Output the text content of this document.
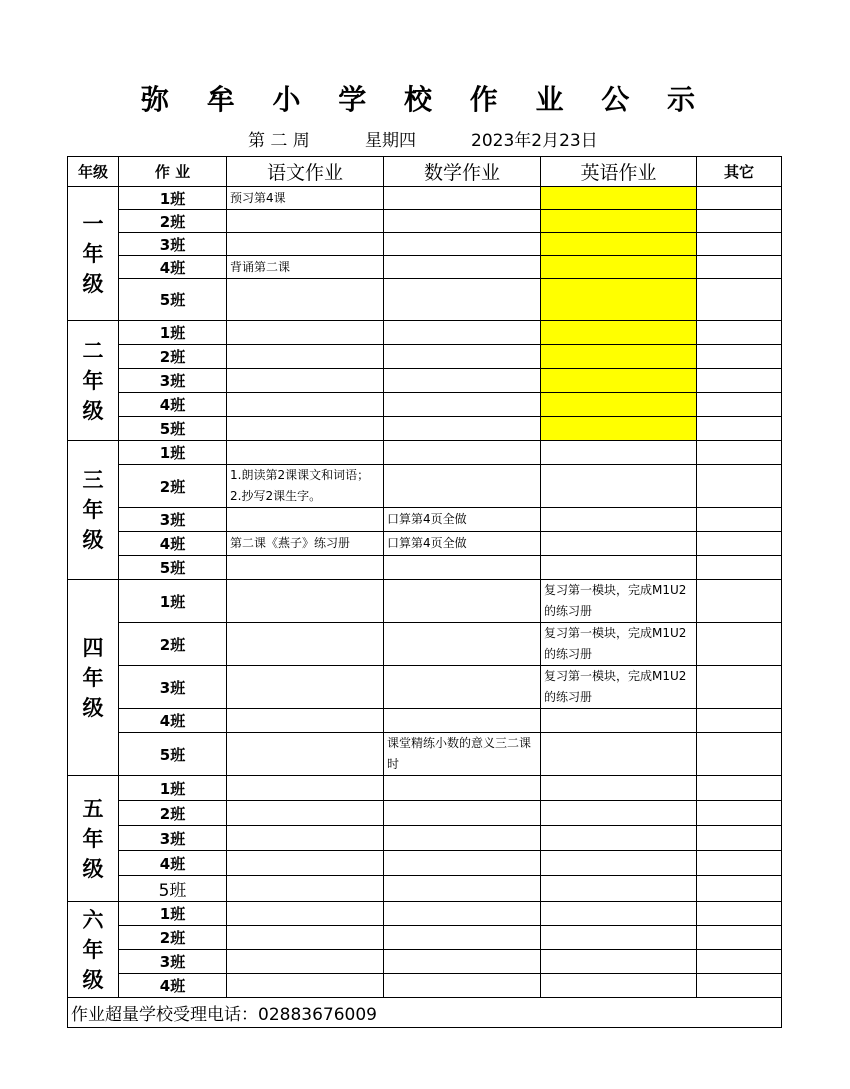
弥 牟 小 学 校 作 业 公 示
第 二 周	星期四	2023年2月23日
年级	作 业	语文作业	数学作业	英语作业	其它

一
年
级	1班	预习第4课			
	2班				
	3班				
	4班	背诵第二课			
	5班				

二
年
级	1班				
	2班				
	3班				
	4班				
	5班				

三
年
级	1班				
	2班	1.朗读第2课课文和词语；
2.抄写2课生字。			
	3班		口算第4页全做		
	4班	第二课《燕子》练习册	口算第4页全做		
	5班				

四
年
级	1班			复习第一模块，完成M1U2的练习册	
	2班			复习第一模块，完成M1U2的练习册	
	3班			复习第一模块，完成M1U2的练习册	
	4班				
	5班		课堂精练小数的意义三二课时		

五
年
级	1班				
	2班				
	3班				
	4班				
	5班				

六
年
级	1班				
	2班				
	3班				
	4班				
作业超量学校受理电话：02883676009					
